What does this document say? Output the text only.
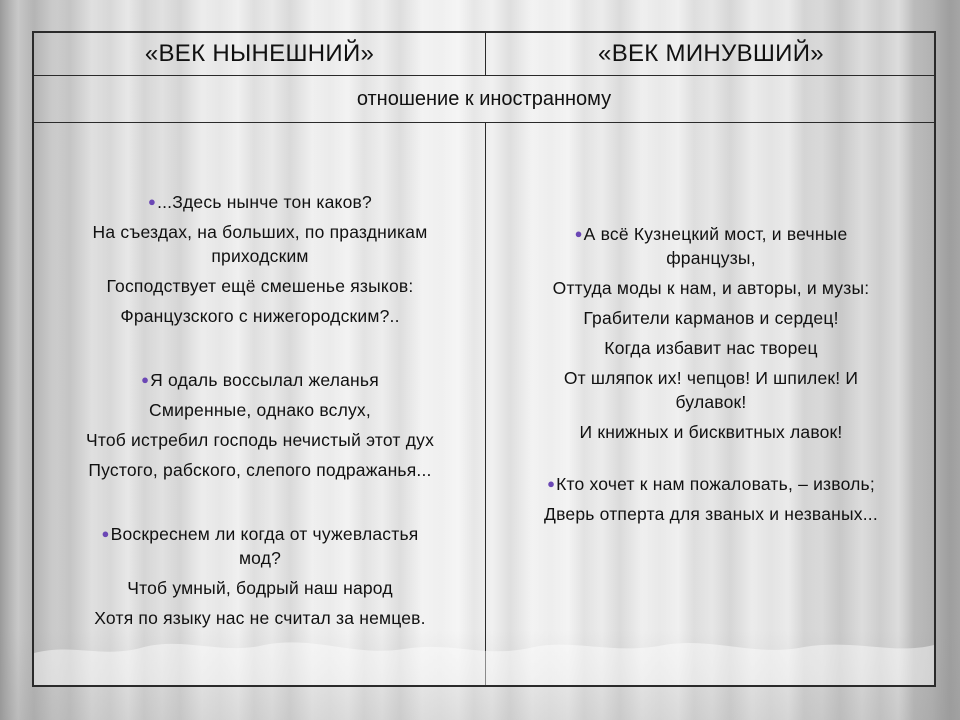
«ВЕК НЫНЕШНИЙ»	«ВЕК МИНУВШИЙ»
отношение к иностранному
●...Здесь нынче тон каков?
На съездах, на больших, по праздникам приходским
Господствует ещё смешенье языков:
Французского с нижегородским?..
●Я одаль воссылал желанья
Смиренные, однако вслух,
Чтоб истребил господь нечистый этот дух
Пустого, рабского, слепого подражанья...
●Воскреснем ли когда от чужевластья мод?
Чтоб умный, бодрый наш народ
Хотя по языку нас не считал за немцев.
●А всё Кузнецкий мост, и вечные французы,
Оттуда моды к нам, и авторы, и музы:
Грабители карманов и сердец!
Когда избавит нас творец
От шляпок их! чепцов! И шпилек! И булавок!
И книжных и бисквитных лавок!
●Кто хочет к нам пожаловать, – изволь;
Дверь отперта для званых и незваных...
